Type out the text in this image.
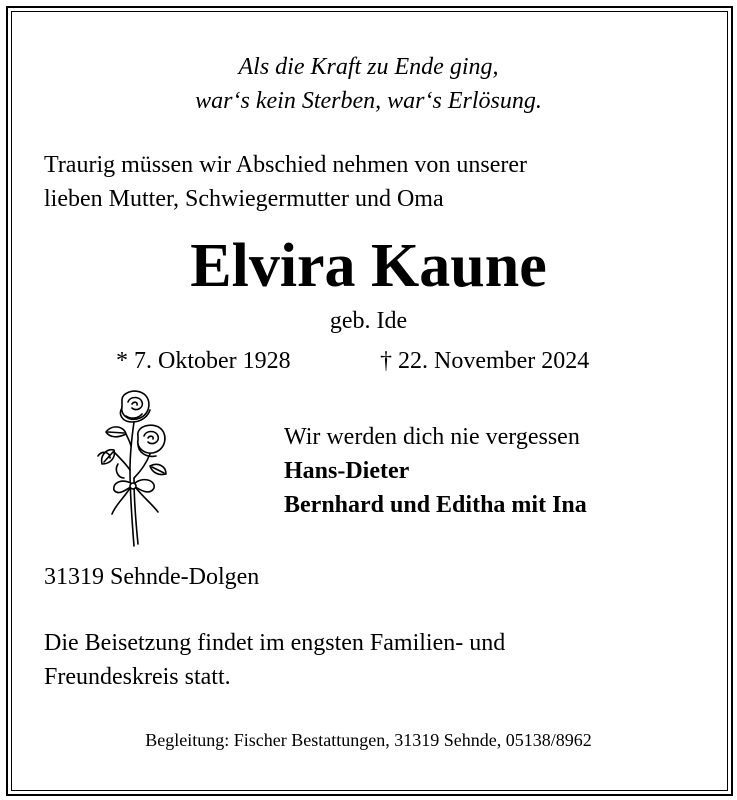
Als die Kraft zu Ende ging,
war‘s kein Sterben, war‘s Erlösung.
Traurig müssen wir Abschied nehmen von unserer
lieben Mutter, Schwiegermutter und Oma
Elvira Kaune
geb. Ide
* 7. Oktober 1928	† 22. November 2024
Wir werden dich nie vergessen
Hans-Dieter
Bernhard und Editha mit Ina
31319 Sehnde-Dolgen
Die Beisetzung findet im engsten Familien- und
Freundeskreis statt.
Begleitung: Fischer Bestattungen, 31319 Sehnde, 05138/8962
